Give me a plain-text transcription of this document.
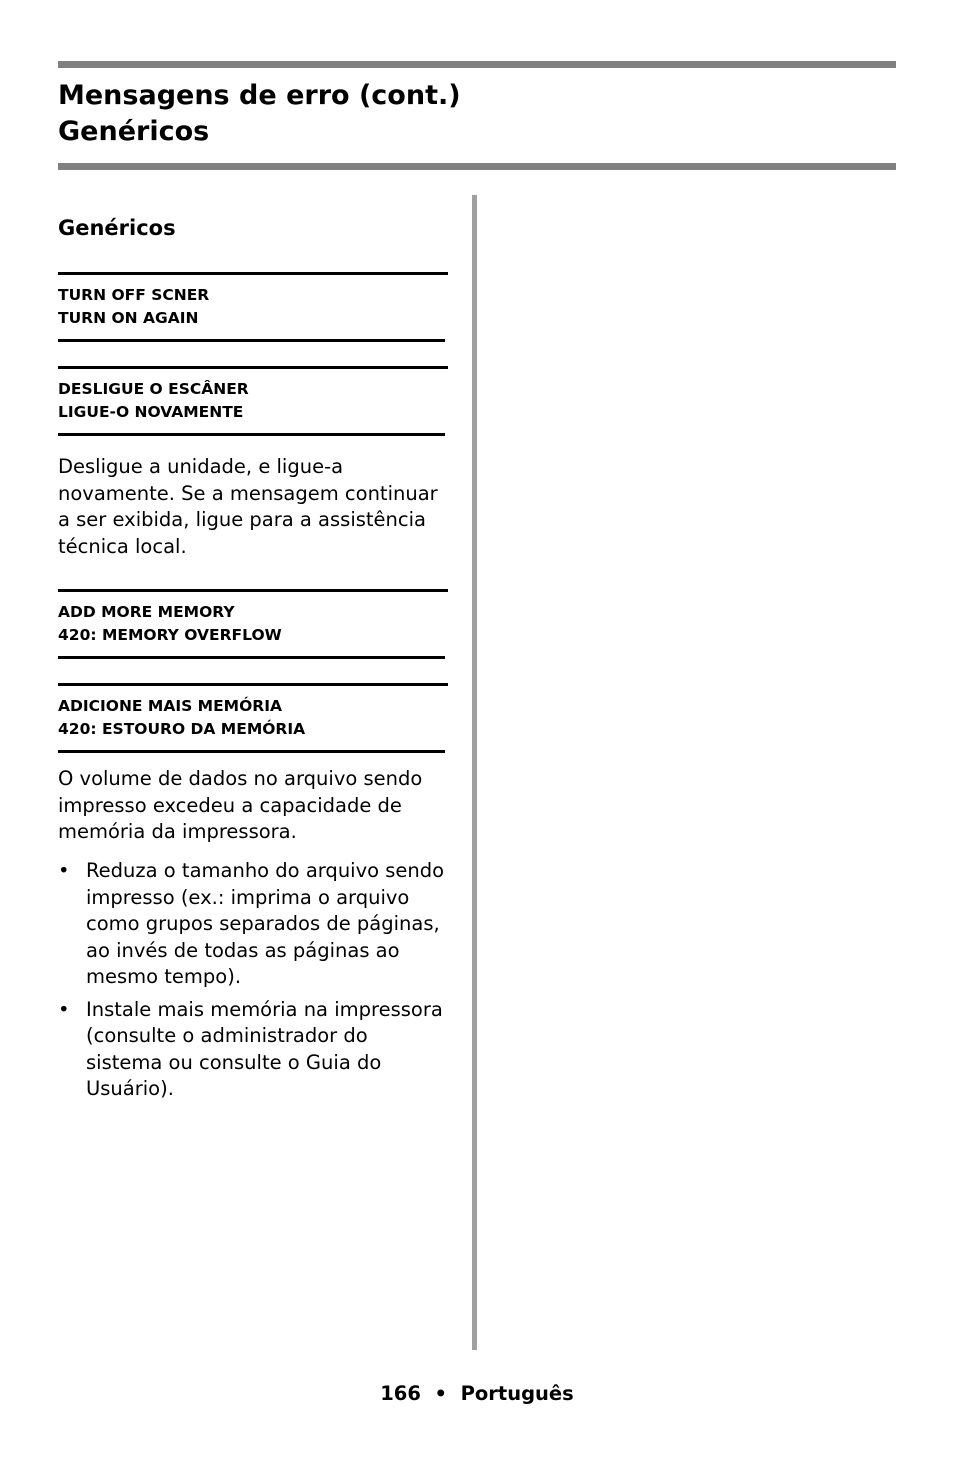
Mensagens de erro (cont.)
Genéricos
Genéricos
TURN OFF SCNER
TURN ON AGAIN
DESLIGUE O ESCÂNER
LIGUE-O NOVAMENTE

Desligue a unidade, e ligue-a novamente. Se a mensagem continuar a ser exibida, ligue para a assistência técnica local.

ADD MORE MEMORY
420: MEMORY OVERFLOW
ADICIONE MAIS MEMÓRIA
420: ESTOURO DA MEMÓRIA

O volume de dados no arquivo sendo impresso excedeu a capacidade de memória da impressora.

• Reduza o tamanho do arquivo sendo impresso (ex.: imprima o arquivo como grupos separados de páginas, ao invés de todas as páginas ao mesmo tempo).
• Instale mais memória na impressora (consulte o administrador do sistema ou consulte o Guia do Usuário).
166 • Português
